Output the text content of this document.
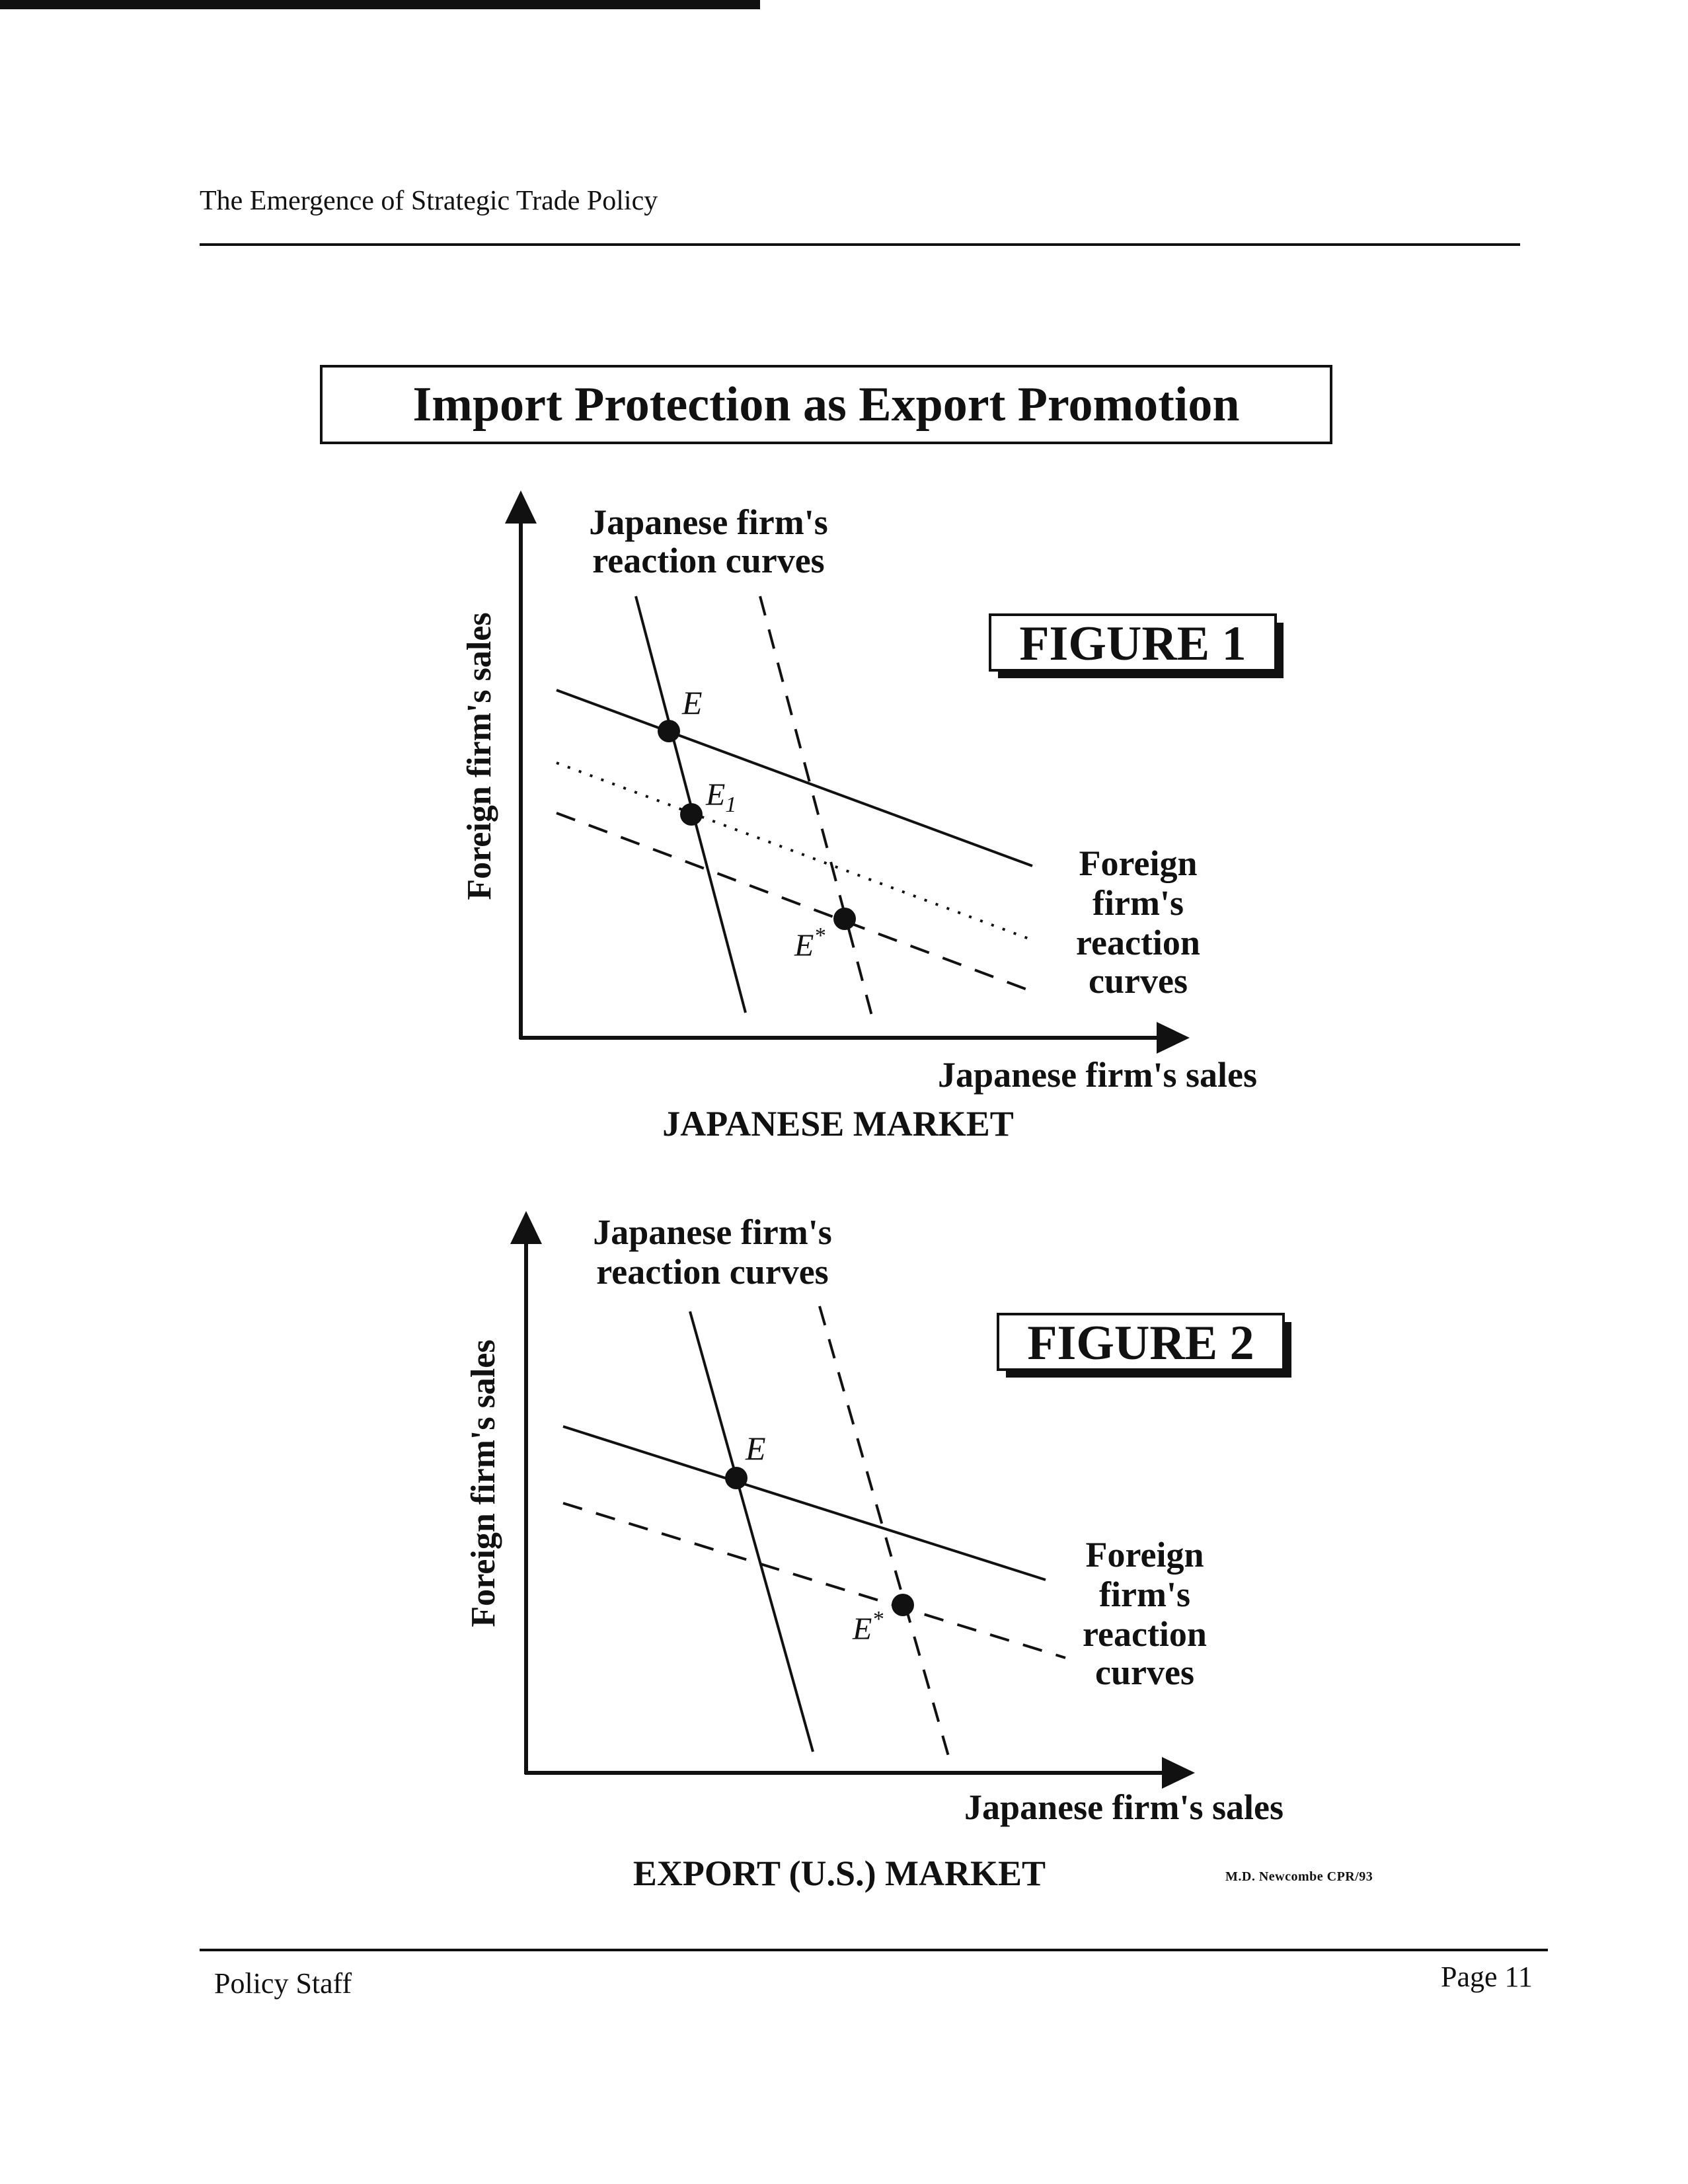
The Emergence of Strategic Trade Policy
Import Protection as Export Promotion
E
$E_1$
E*
Japanese firm's
reaction curves
Foreign firm's sales
Japanese firm's sales
Foreign
firm's
reaction
curves
FIGURE 1
JAPANESE MARKET
E
E*
Japanese firm's
reaction curves
Foreign firm's sales
Japanese firm's sales
Foreign
firm's
reaction
curves
FIGURE 2
EXPORT (U.S.) MARKET	M.D. Newcombe CPR/93
Policy Staff	Page 11
